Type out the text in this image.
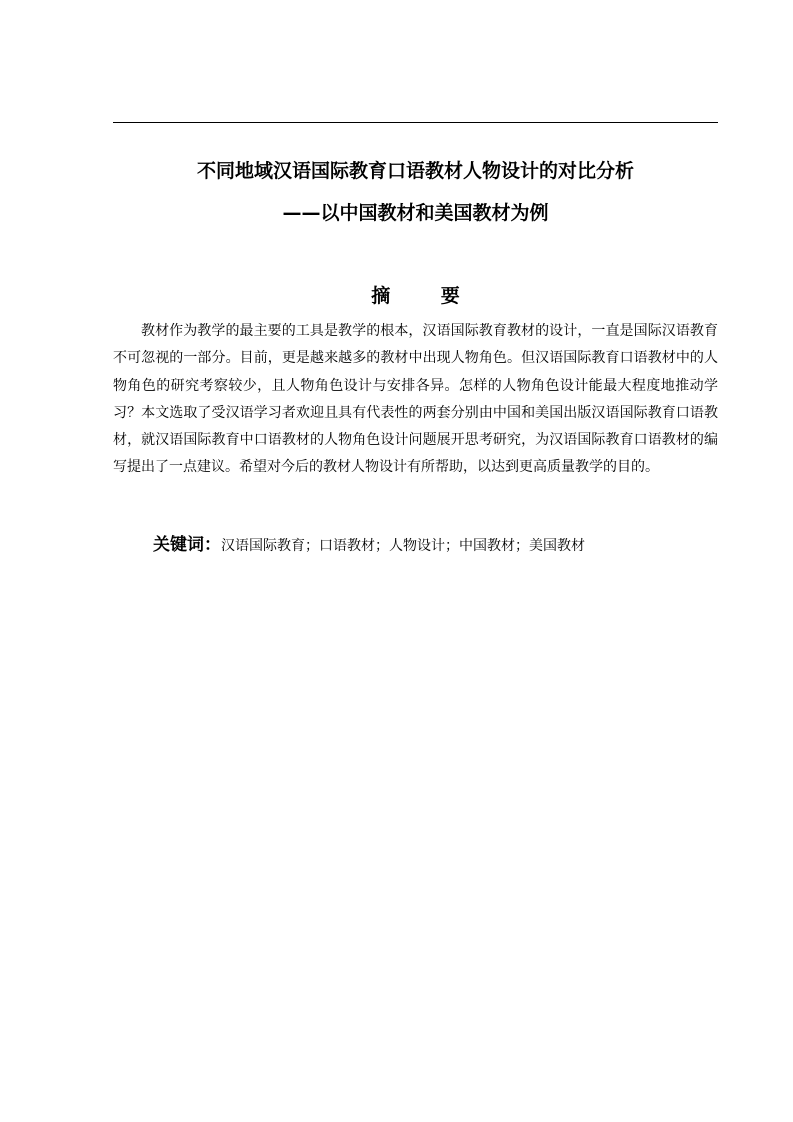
不同地域汉语国际教育口语教材人物设计的对比分析
——以中国教材和美国教材为例
摘 要

教材作为教学的最主要的工具是教学的根本，汉语国际教育教材的设计，一直是国际汉语教育不可忽视的一部分。目前，更是越来越多的教材中出现人物角色。但汉语国际教育口语教材中的人物角色的研究考察较少，且人物角色设计与安排各异。怎样的人物角色设计能最大程度地推动学习？本文选取了受汉语学习者欢迎且具有代表性的两套分别由中国和美国出版汉语国际教育口语教材，就汉语国际教育中口语教材的人物角色设计问题展开思考研究，为汉语国际教育口语教材的编写提出了一点建议。希望对今后的教材人物设计有所帮助，以达到更高质量教学的目的。

关键词：汉语国际教育；口语教材；人物设计；中国教材；美国教材
